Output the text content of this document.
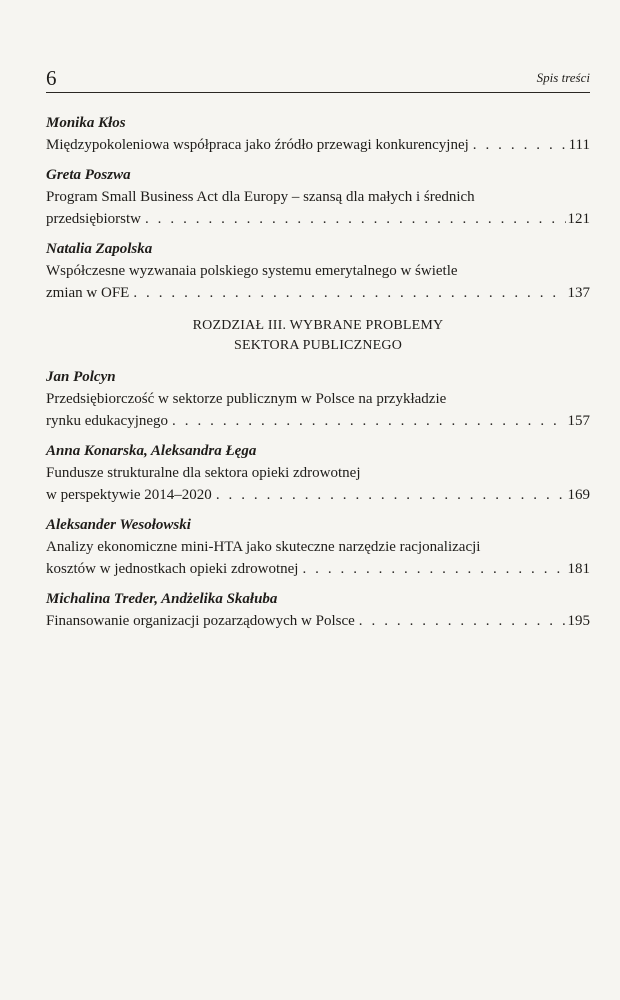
6	Spis treści
Monika Kłos
Międzypokoleniowa współpraca jako źródło przewagi konkurencyjnej . . .	111
Greta Poszwa
Program Small Business Act dla Europy – szansą dla małych i średnich
przedsiębiorstw . . .	121
Natalia Zapolska
Współczesne wyzwanaia polskiego systemu emerytalnego w świetle
zmian w OFE . . .	137
ROZDZIAŁ III. WYBRANE PROBLEMY
SEKTORA PUBLICZNEGO
Jan Polcyn
Przedsiębiorczość w sektorze publicznym w Polsce na przykładzie
rynku edukacyjnego . . .	157
Anna Konarska, Aleksandra Łęga
Fundusze strukturalne dla sektora opieki zdrowotnej
w perspektywie 2014–2020 . . .	169
Aleksander Wesołowski
Analizy ekonomiczne mini-HTA jako skuteczne narzędzie racjonalizacji
kosztów w jednostkach opieki zdrowotnej . . .	181
Michalina Treder, Andżelika Skałuba
Finansowanie organizacji pozarządowych w Polsce . . .	195
